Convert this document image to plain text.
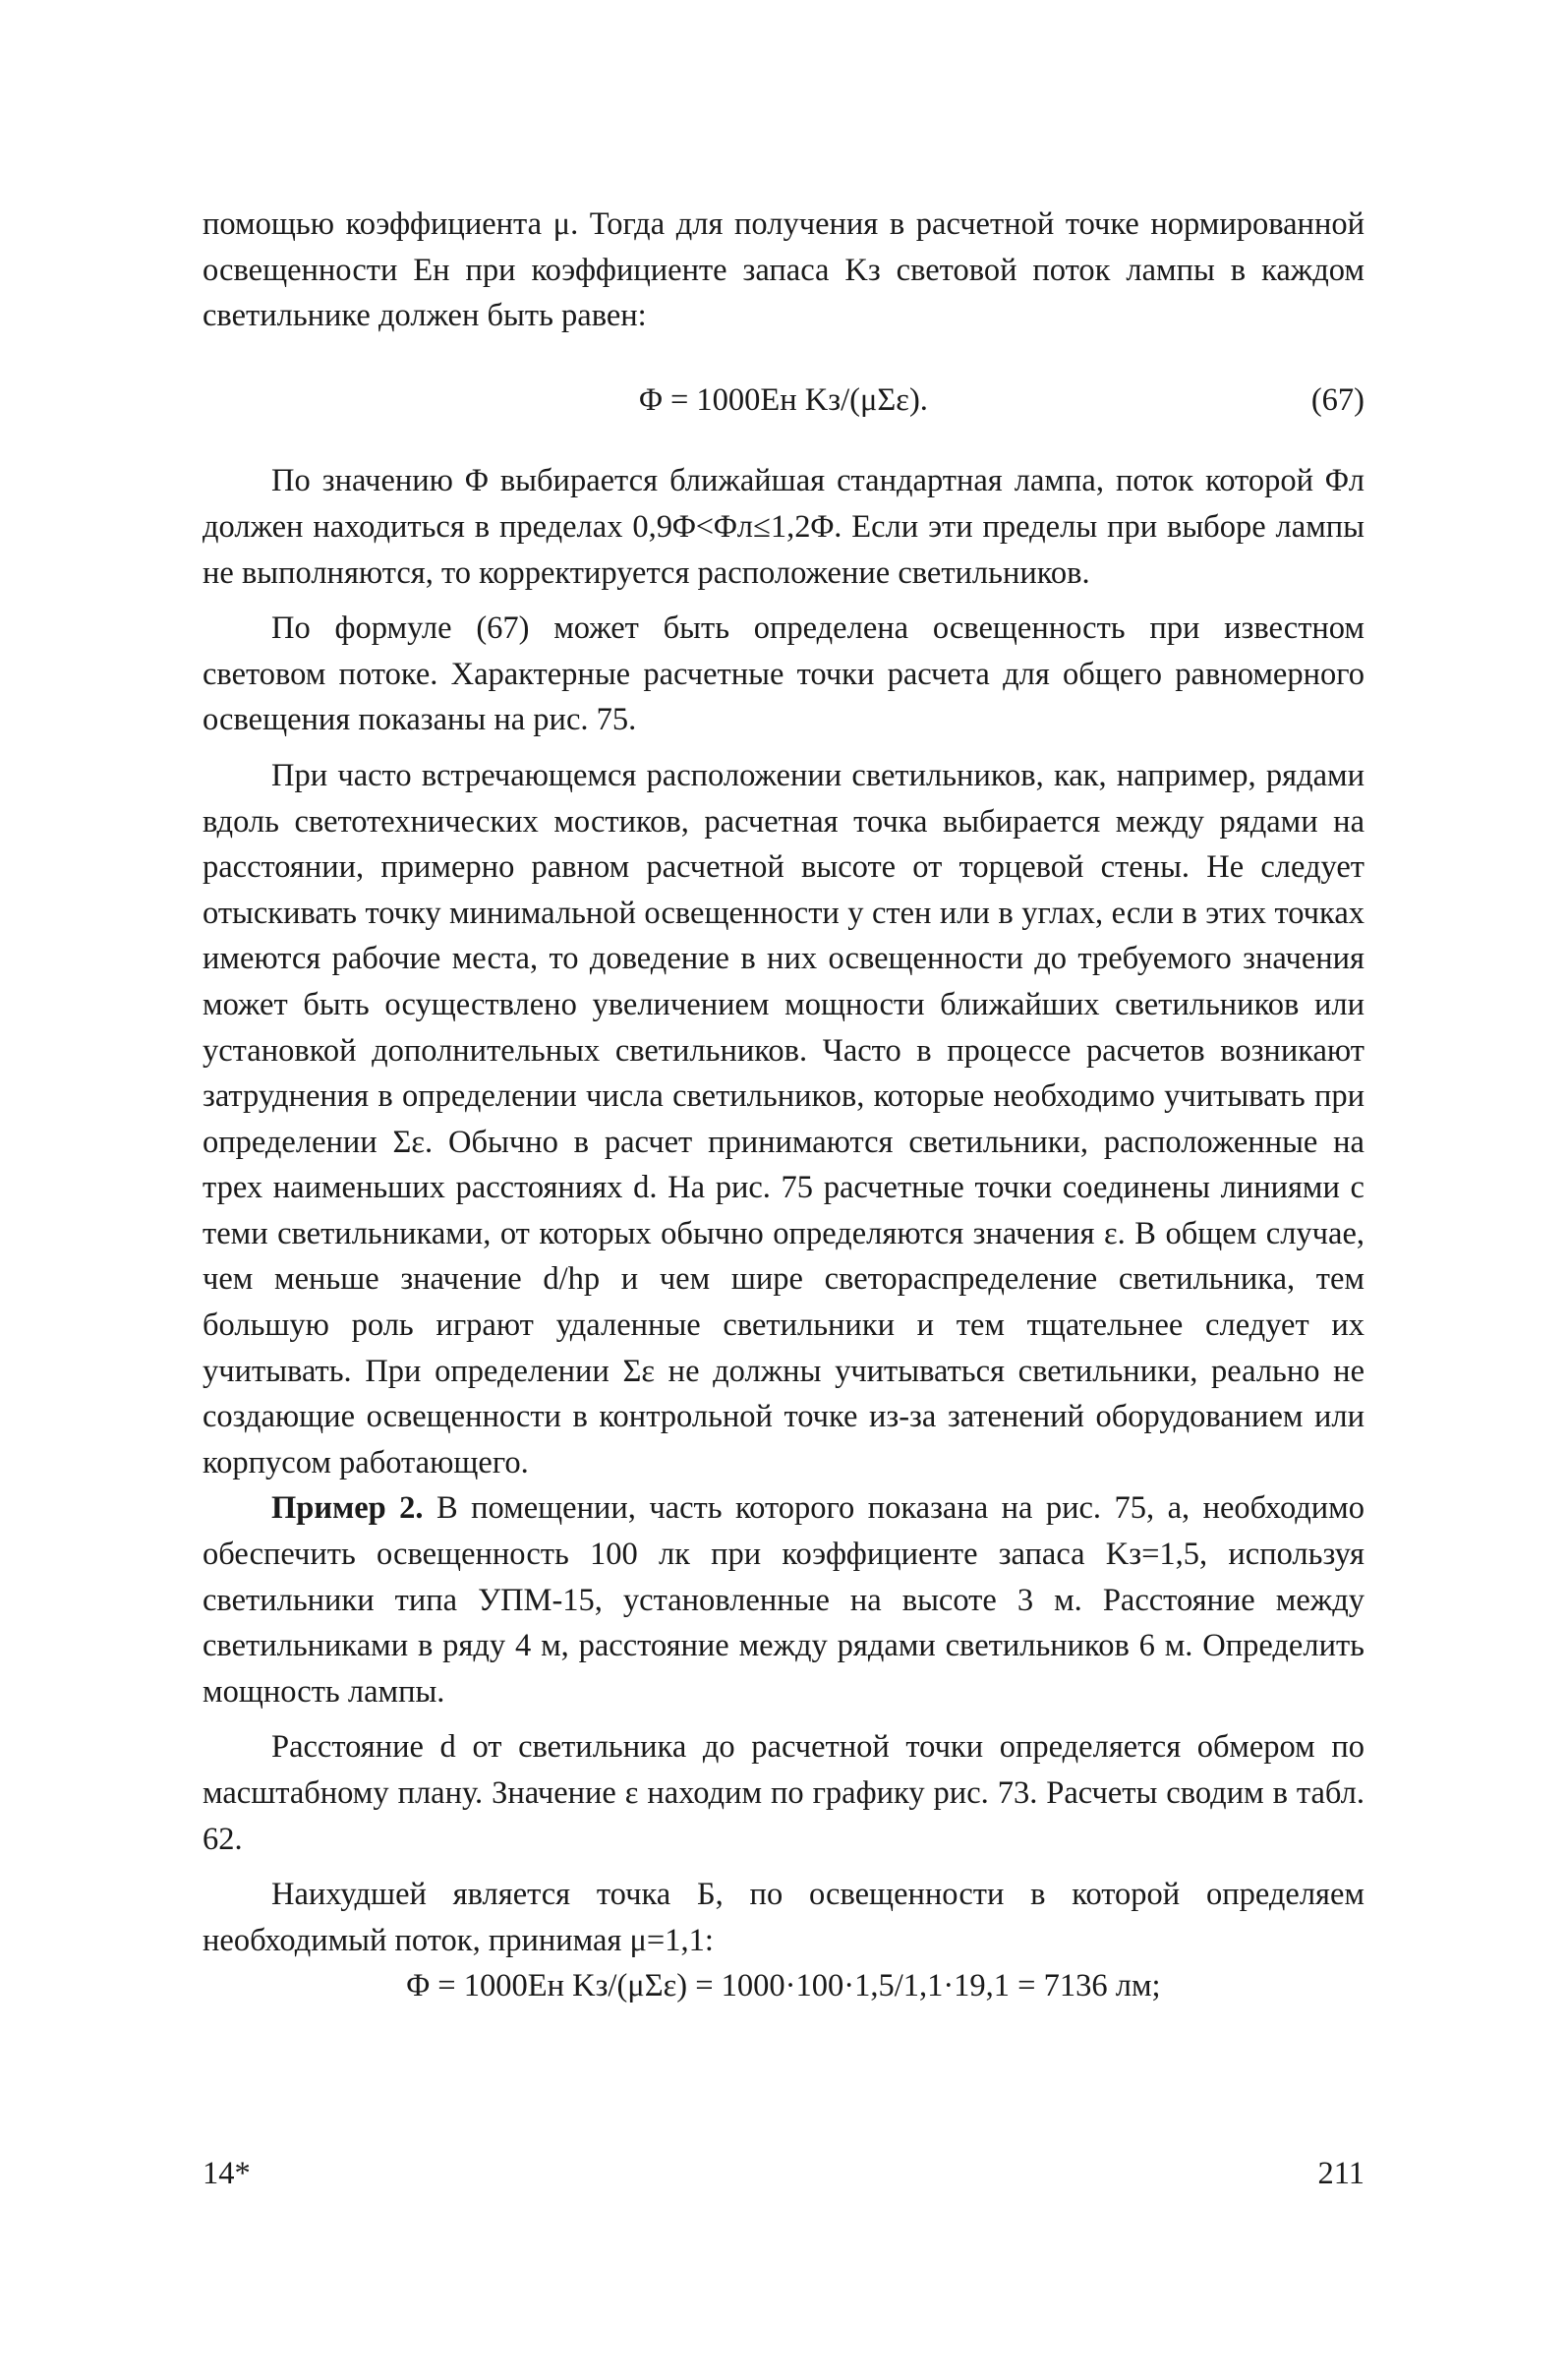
помощью коэффициента μ. Тогда для получения в расчетной точке нормированной освещенности Eн при коэффициенте запаса Kз световой поток лампы в каждом светильнике должен быть равен:

Φ = 1000Eн Kз/(μΣε).	(67)

По значению Φ выбирается ближайшая стандартная лампа, поток которой Φл должен находиться в пределах 0,9Φ<Φл≤1,2Φ. Если эти пределы при выборе лампы не выполняются, то корректируется расположение светильников.

По формуле (67) может быть определена освещенность при известном световом потоке. Характерные расчетные точки расчета для общего равномерного освещения показаны на рис. 75.

При часто встречающемся расположении светильников, как, например, рядами вдоль светотехнических мостиков, расчетная точка выбирается между рядами на расстоянии, примерно равном расчетной высоте от торцевой стены. Не следует отыскивать точку минимальной освещенности у стен или в углах, если в этих точках имеются рабочие места, то доведение в них освещенности до требуемого значения может быть осуществлено увеличением мощности ближайших светильников или установкой дополнительных светильников. Часто в процессе расчетов возникают затруднения в определении числа светильников, которые необходимо учитывать при определении Σε. Обычно в расчет принимаются светильники, расположенные на трех наименьших расстояниях d. На рис. 75 расчетные точки соединены линиями с теми светильниками, от которых обычно определяются значения ε. В общем случае, чем меньше значение d/hр и чем шире светораспределение светильника, тем большую роль играют удаленные светильники и тем тщательнее следует их учитывать. При определении Σε не должны учитываться светильники, реально не создающие освещенности в контрольной точке из-за затенений оборудованием или корпусом работающего.

Пример 2. В помещении, часть которого показана на рис. 75, а, необходимо обеспечить освещенность 100 лк при коэффициенте запаса Kз=1,5, используя светильники типа УПМ-15, установленные на высоте 3 м. Расстояние между светильниками в ряду 4 м, расстояние между рядами светильников 6 м. Определить мощность лампы.

Расстояние d от светильника до расчетной точки определяется обмером по масштабному плану. Значение ε находим по графику рис. 73. Расчеты сводим в табл. 62.

Наихудшей является точка Б, по освещенности в которой определяем необходимый поток, принимая μ=1,1:

Φ = 1000Eн Kз/(μΣε) = 1000·100·1,5/1,1·19,1 = 7136 лм;

14*	211
